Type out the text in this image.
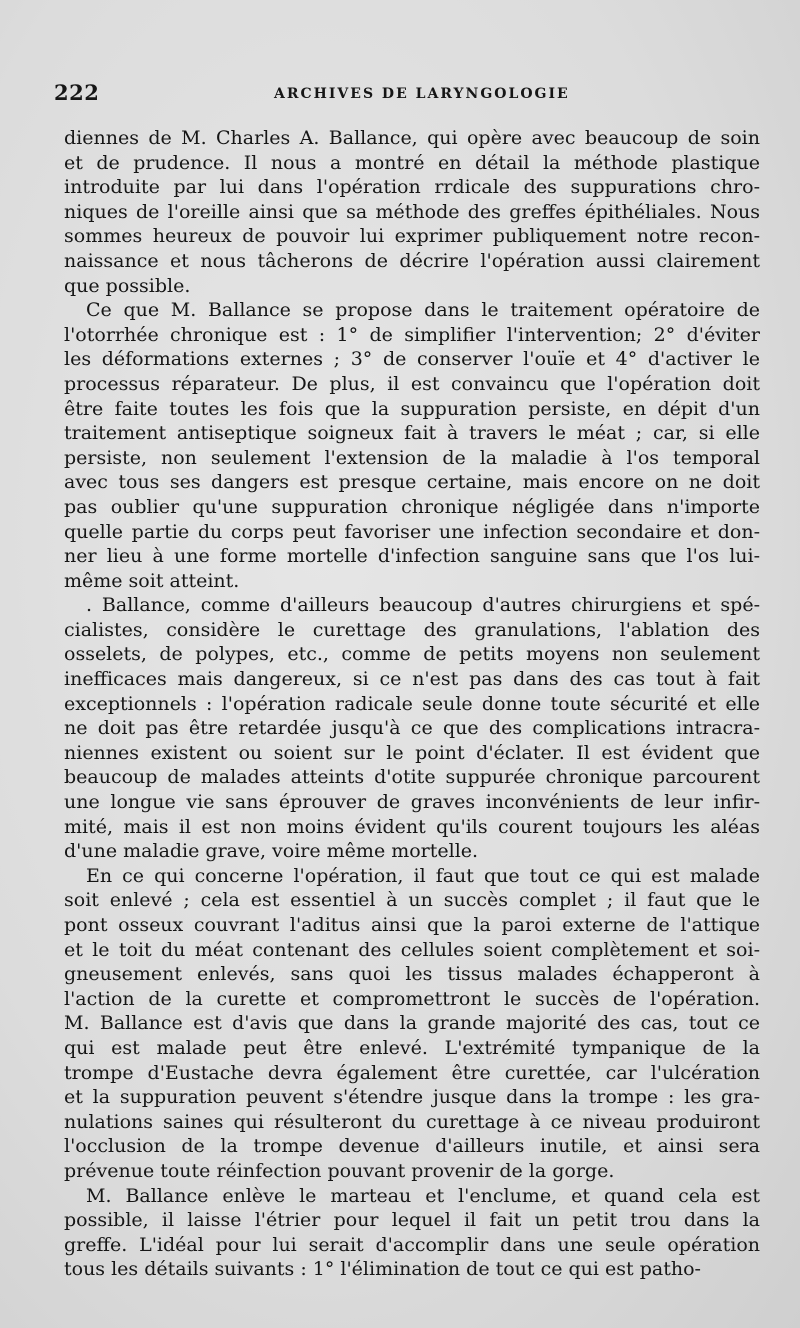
222	ARCHIVES DE LARYNGOLOGIE
diennes de M. Charles A. Ballance, qui opère avec beaucoup de soin
et de prudence. Il nous a montré en détail la méthode plastique
introduite par lui dans l'opération rrdicale des suppurations chro-
niques de l'oreille ainsi que sa méthode des greffes épithéliales. Nous
sommes heureux de pouvoir lui exprimer publiquement notre recon-
naissance et nous tâcherons de décrire l'opération aussi clairement
que possible.
Ce que M. Ballance se propose dans le traitement opératoire de
l'otorrhée chronique est : 1° de simplifier l'intervention; 2° d'éviter
les déformations externes ; 3° de conserver l'ouïe et 4° d'activer le
processus réparateur. De plus, il est convaincu que l'opération doit
être faite toutes les fois que la suppuration persiste, en dépit d'un
traitement antiseptique soigneux fait à travers le méat ; car, si elle
persiste, non seulement l'extension de la maladie à l'os temporal
avec tous ses dangers est presque certaine, mais encore on ne doit
pas oublier qu'une suppuration chronique négligée dans n'importe
quelle partie du corps peut favoriser une infection secondaire et don-
ner lieu à une forme mortelle d'infection sanguine sans que l'os lui-
même soit atteint.
. Ballance, comme d'ailleurs beaucoup d'autres chirurgiens et spé-
cialistes, considère le curettage des granulations, l'ablation des
osselets, de polypes, etc., comme de petits moyens non seulement
inefficaces mais dangereux, si ce n'est pas dans des cas tout à fait
exceptionnels : l'opération radicale seule donne toute sécurité et elle
ne doit pas être retardée jusqu'à ce que des complications intracra-
niennes existent ou soient sur le point d'éclater. Il est évident que
beaucoup de malades atteints d'otite suppurée chronique parcourent
une longue vie sans éprouver de graves inconvénients de leur infir-
mité, mais il est non moins évident qu'ils courent toujours les aléas
d'une maladie grave, voire même mortelle.
En ce qui concerne l'opération, il faut que tout ce qui est malade
soit enlevé ; cela est essentiel à un succès complet ; il faut que le
pont osseux couvrant l'aditus ainsi que la paroi externe de l'attique
et le toit du méat contenant des cellules soient complètement et soi-
gneusement enlevés, sans quoi les tissus malades échapperont à
l'action de la curette et compromettront le succès de l'opération.
M. Ballance est d'avis que dans la grande majorité des cas, tout ce
qui est malade peut être enlevé. L'extrémité tympanique de la
trompe d'Eustache devra également être curettée, car l'ulcération
et la suppuration peuvent s'étendre jusque dans la trompe : les gra-
nulations saines qui résulteront du curettage à ce niveau produiront
l'occlusion de la trompe devenue d'ailleurs inutile, et ainsi sera
prévenue toute réinfection pouvant provenir de la gorge.
M. Ballance enlève le marteau et l'enclume, et quand cela est
possible, il laisse l'étrier pour lequel il fait un petit trou dans la
greffe. L'idéal pour lui serait d'accomplir dans une seule opération
tous les détails suivants : 1° l'élimination de tout ce qui est patho-
